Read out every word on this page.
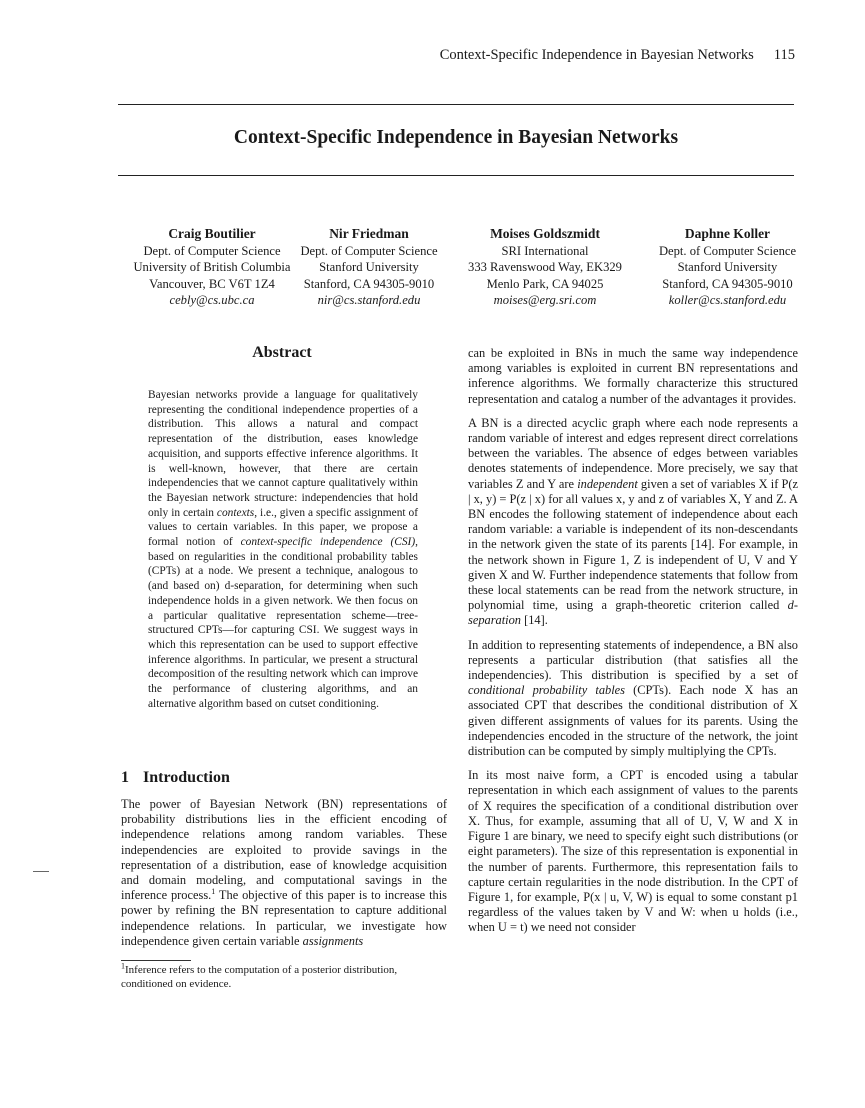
Context-Specific Independence in Bayesian Networks 115
Context-Specific Independence in Bayesian Networks
Craig Boutilier
Dept. of Computer Science
University of British Columbia
Vancouver, BC V6T 1Z4
cebly@cs.ubc.ca
Nir Friedman
Dept. of Computer Science
Stanford University
Stanford, CA 94305-9010
nir@cs.stanford.edu
Moises Goldszmidt
SRI International
333 Ravenswood Way, EK329
Menlo Park, CA 94025
moises@erg.sri.com
Daphne Koller
Dept. of Computer Science
Stanford University
Stanford, CA 94305-9010
koller@cs.stanford.edu
Abstract
Bayesian networks provide a language for qualitatively representing the conditional independence properties of a distribution. This allows a natural and compact representation of the distribution, eases knowledge acquisition, and supports effective inference algorithms. It is well-known, however, that there are certain independencies that we cannot capture qualitatively within the Bayesian network structure: independencies that hold only in certain contexts, i.e., given a specific assignment of values to certain variables. In this paper, we propose a formal notion of context-specific independence (CSI), based on regularities in the conditional probability tables (CPTs) at a node. We present a technique, analogous to (and based on) d-separation, for determining when such independence holds in a given network. We then focus on a particular qualitative representation scheme—tree-structured CPTs—for capturing CSI. We suggest ways in which this representation can be used to support effective inference algorithms. In particular, we present a structural decomposition of the resulting network which can improve the performance of clustering algorithms, and an alternative algorithm based on cutset conditioning.
1 Introduction
The power of Bayesian Network (BN) representations of probability distributions lies in the efficient encoding of independence relations among random variables. These independencies are exploited to provide savings in the representation of a distribution, ease of knowledge acquisition and domain modeling, and computational savings in the inference process.$^1$ The objective of this paper is to increase this power by refining the BN representation to capture additional independence relations. In particular, we investigate how independence given certain variable assignments
$^1$Inference refers to the computation of a posterior distribution, conditioned on evidence.

can be exploited in BNs in much the same way independence among variables is exploited in current BN representations and inference algorithms. We formally characterize this structured representation and catalog a number of the advantages it provides.

A BN is a directed acyclic graph where each node represents a random variable of interest and edges represent direct correlations between the variables. The absence of edges between variables denotes statements of independence. More precisely, we say that variables Z and Y are independent given a set of variables X if P(z | x, y) = P(z | x) for all values x, y and z of variables X, Y and Z. A BN encodes the following statement of independence about each random variable: a variable is independent of its non-descendants in the network given the state of its parents [14]. For example, in the network shown in Figure 1, Z is independent of U, V and Y given X and W. Further independence statements that follow from these local statements can be read from the network structure, in polynomial time, using a graph-theoretic criterion called d-separation [14].

In addition to representing statements of independence, a BN also represents a particular distribution (that satisfies all the independencies). This distribution is specified by a set of conditional probability tables (CPTs). Each node X has an associated CPT that describes the conditional distribution of X given different assignments of values for its parents. Using the independencies encoded in the structure of the network, the joint distribution can be computed by simply multiplying the CPTs.

In its most naive form, a CPT is encoded using a tabular representation in which each assignment of values to the parents of X requires the specification of a conditional distribution over X. Thus, for example, assuming that all of U, V, W and X in Figure 1 are binary, we need to specify eight such distributions (or eight parameters). The size of this representation is exponential in the number of parents. Furthermore, this representation fails to capture certain regularities in the node distribution. In the CPT of Figure 1, for example, P(x | u, V, W) is equal to some constant p1 regardless of the values taken by V and W: when u holds (i.e., when U = t) we need not consider
